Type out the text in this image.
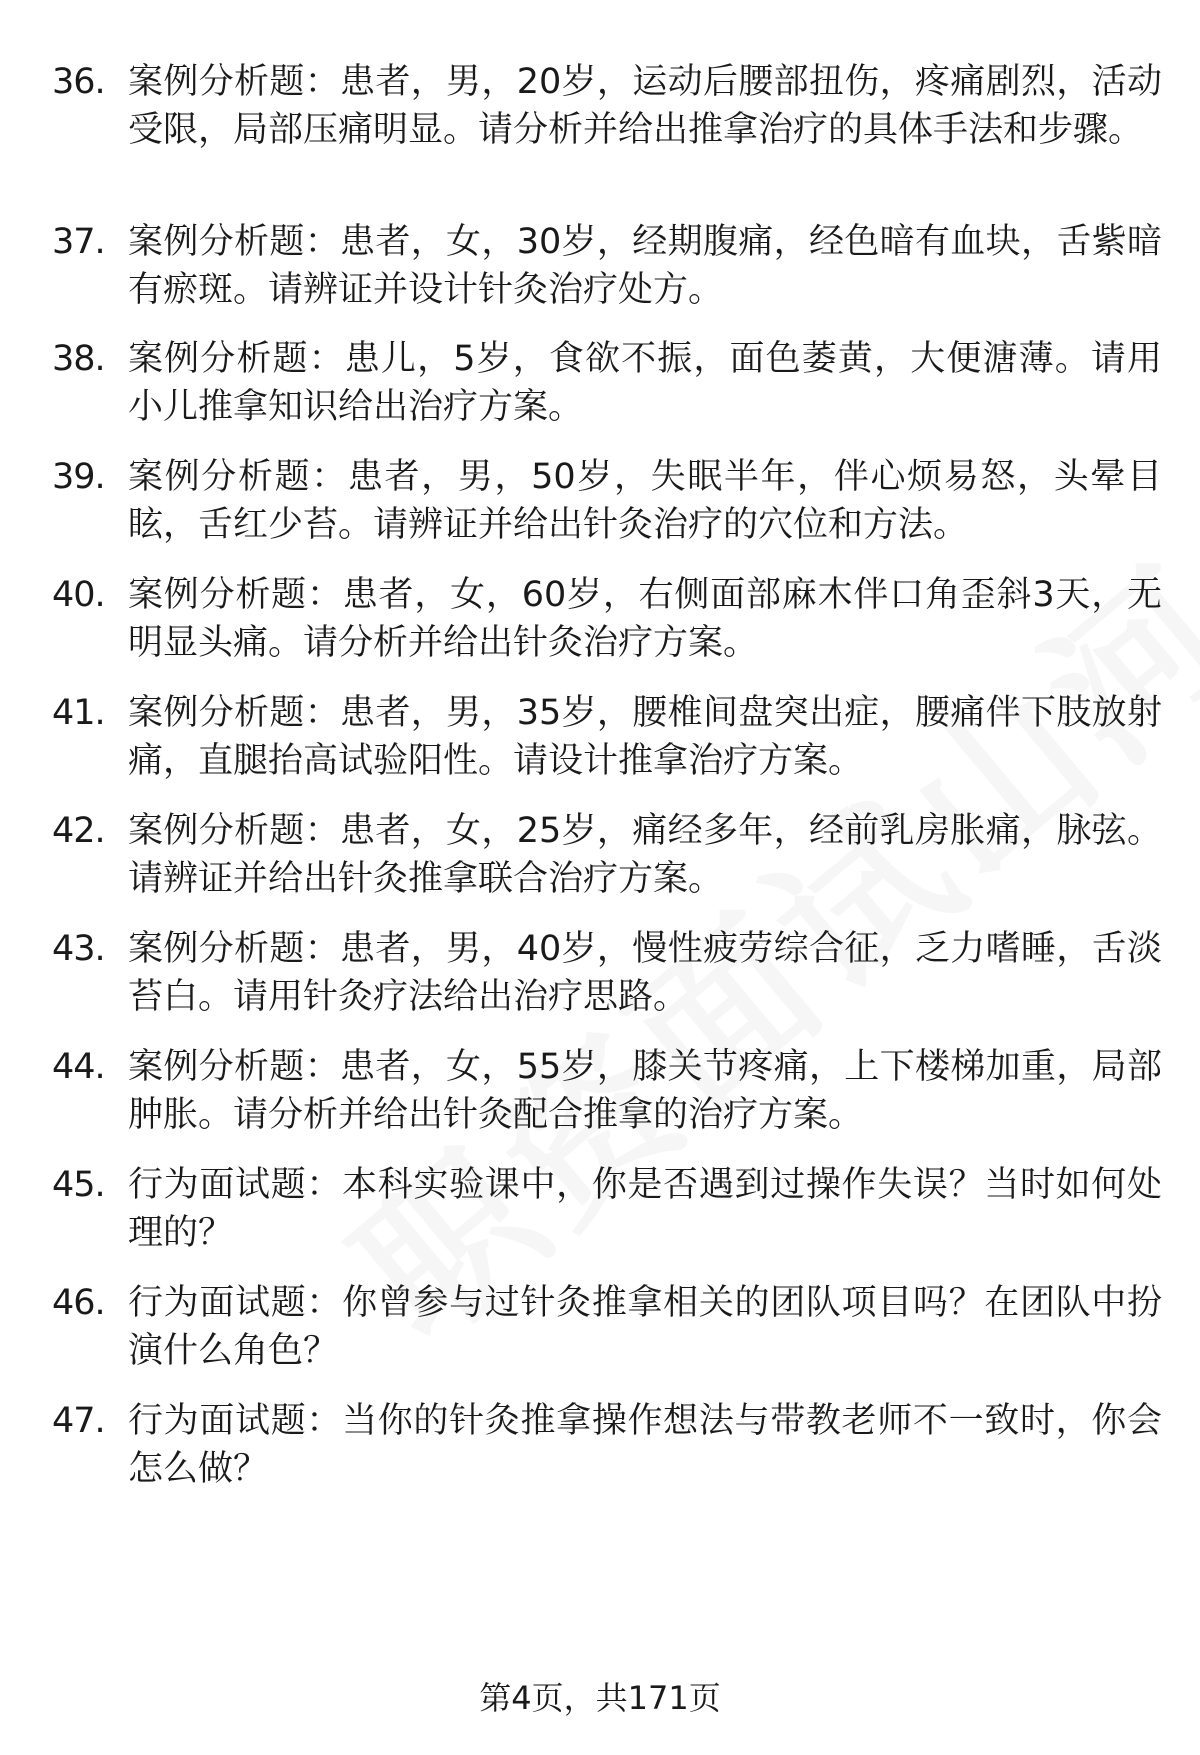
36. 案例分析题：患者，男，20岁，运动后腰部扭伤，疼痛剧烈，活动受限，局部压痛明显。请分析并给出推拿治疗的具体手法和步骤。
37. 案例分析题：患者，女，30岁，经期腹痛，经色暗有血块，舌紫暗有瘀斑。请辨证并设计针灸治疗处方。
38. 案例分析题：患儿，5岁，食欲不振，面色萎黄，大便溏薄。请用小儿推拿知识给出治疗方案。
39. 案例分析题：患者，男，50岁，失眠半年，伴心烦易怒，头晕目眩，舌红少苔。请辨证并给出针灸治疗的穴位和方法。
40. 案例分析题：患者，女，60岁，右侧面部麻木伴口角歪斜3天，无明显头痛。请分析并给出针灸治疗方案。
41. 案例分析题：患者，男，35岁，腰椎间盘突出症，腰痛伴下肢放射痛，直腿抬高试验阳性。请设计推拿治疗方案。
42. 案例分析题：患者，女，25岁，痛经多年，经前乳房胀痛，脉弦。请辨证并给出针灸推拿联合治疗方案。
43. 案例分析题：患者，男，40岁，慢性疲劳综合征，乏力嗜睡，舌淡苔白。请用针灸疗法给出治疗思路。
44. 案例分析题：患者，女，55岁，膝关节疼痛，上下楼梯加重，局部肿胀。请分析并给出针灸配合推拿的治疗方案。
45. 行为面试题：本科实验课中，你是否遇到过操作失误？当时如何处理的？
46. 行为面试题：你曾参与过针灸推拿相关的团队项目吗？在团队中扮演什么角色？
47. 行为面试题：当你的针灸推拿操作想法与带教老师不一致时，你会怎么做？
第4页，共171页
